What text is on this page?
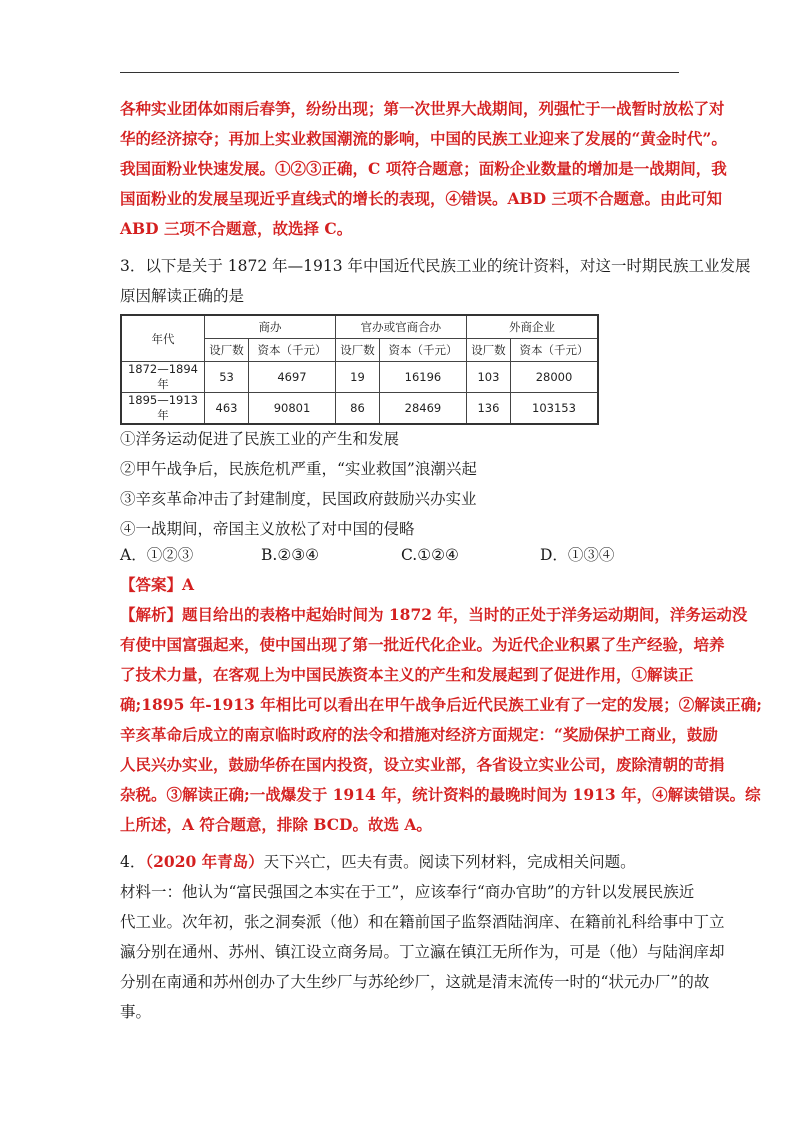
各种实业团体如雨后春笋，纷纷出现；第一次世界大战期间，列强忙于一战暂时放松了对
华的经济掠夺；再加上实业救国潮流的影响，中国的民族工业迎来了发展的“黄金时代”。
我国面粉业快速发展。①②③正确，C 项符合题意；面粉企业数量的增加是一战期间，我
国面粉业的发展呈现近乎直线式的增长的表现，④错误。ABD 三项不合题意。由此可知
ABD 三项不合题意，故选择 C。
3．以下是关于 1872 年—1913 年中国近代民族工业的统计资料，对这一时期民族工业发展
原因解读正确的是
年代	商办		官办或官商合办		外商企业	
	设厂数	资本（千元）	设厂数	资本（千元）	设厂数	资本（千元）
1872—1894 年	53	4697	19	16196	103	28000
1895—1913 年	463	90801	86	28469	136	103153
①洋务运动促进了民族工业的产生和发展
②甲午战争后，民族危机严重，“实业救国”浪潮兴起
③辛亥革命冲击了封建制度，民国政府鼓励兴办实业
④一战期间，帝国主义放松了对中国的侵略
A．①②③	B.②③④	C.①②④	D．①③④
【答案】A
【解析】题目给出的表格中起始时间为 1872 年，当时的正处于洋务运动期间，洋务运动没
有使中国富强起来，使中国出现了第一批近代化企业。为近代企业积累了生产经验，培养
了技术力量，在客观上为中国民族资本主义的产生和发展起到了促进作用，①解读正
确;1895 年-1913 年相比可以看出在甲午战争后近代民族工业有了一定的发展；②解读正确;
辛亥革命后成立的南京临时政府的法令和措施对经济方面规定：“奖励保护工商业，鼓励
人民兴办实业，鼓励华侨在国内投资，设立实业部，各省设立实业公司，废除清朝的苛捐
杂税。③解读正确;一战爆发于 1914 年，统计资料的最晚时间为 1913 年，④解读错误。综
上所述，A 符合题意，排除 BCD。故选 A。
4．（2020 年青岛）天下兴亡，匹夫有责。阅读下列材料，完成相关问题。
材料一：他认为“富民强国之本实在于工”，应该奉行“商办官助”的方针以发展民族近
代工业。次年初，张之洞奏派（他）和在籍前国子监祭酒陆润庠、在籍前礼科给事中丁立
瀛分别在通州、苏州、镇江设立商务局。丁立瀛在镇江无所作为，可是（他）与陆润庠却
分别在南通和苏州创办了大生纱厂与苏纶纱厂，这就是清末流传一时的“状元办厂”的故
事。
